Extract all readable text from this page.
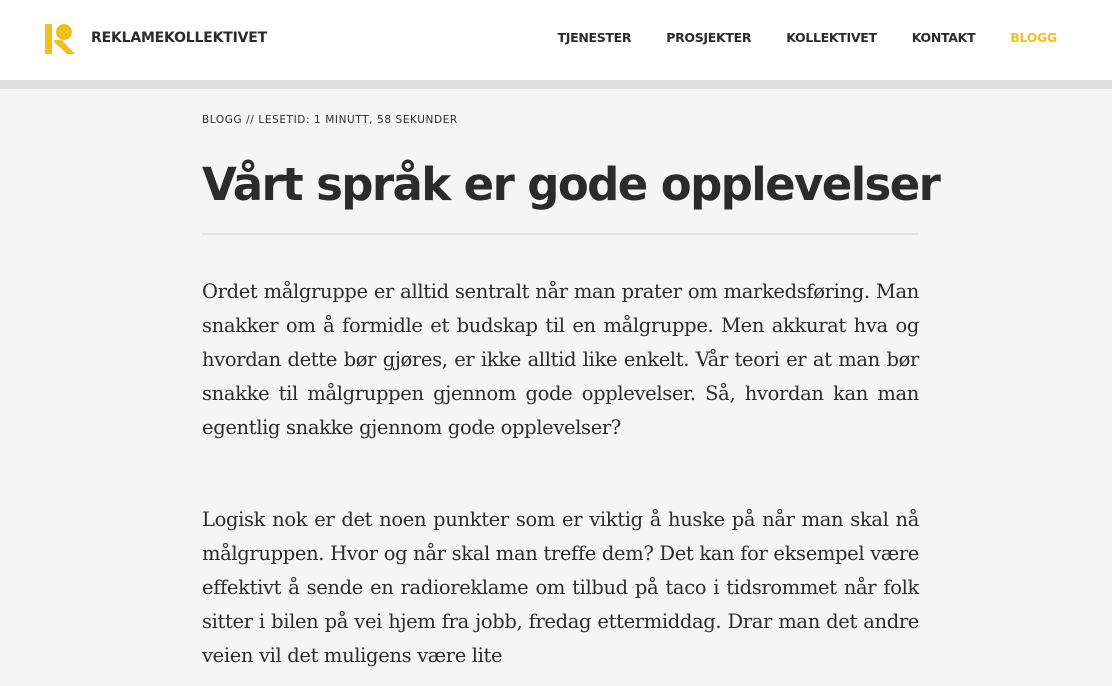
REKLAMEKOLLEKTIVET	TJENESTER	PROSJEKTER	KOLLEKTIVET	KONTAKT	BLOGG
BLOGG // LESETID: 1 MINUTT, 58 SEKUNDER
Vårt språk er gode opplevelser

Ordet målgruppe er alltid sentralt når man prater om markedsføring. Man snakker om å formidle et budskap til en målgruppe. Men akkurat hva og hvordan dette bør gjøres, er ikke alltid like enkelt. Vår teori er at man bør snakke til målgruppen gjennom gode opplevelser. Så, hvordan kan man egentlig snakke gjennom gode opplevelser?

Logisk nok er det noen punkter som er viktig å huske på når man skal nå målgruppen. Hvor og når skal man treffe dem? Det kan for eksempel være effektivt å sende en radioreklame om tilbud på taco i tidsrommet når folk sitter i bilen på vei hjem fra jobb, fredag ettermiddag. Drar man det andre veien vil det muligens være lite
